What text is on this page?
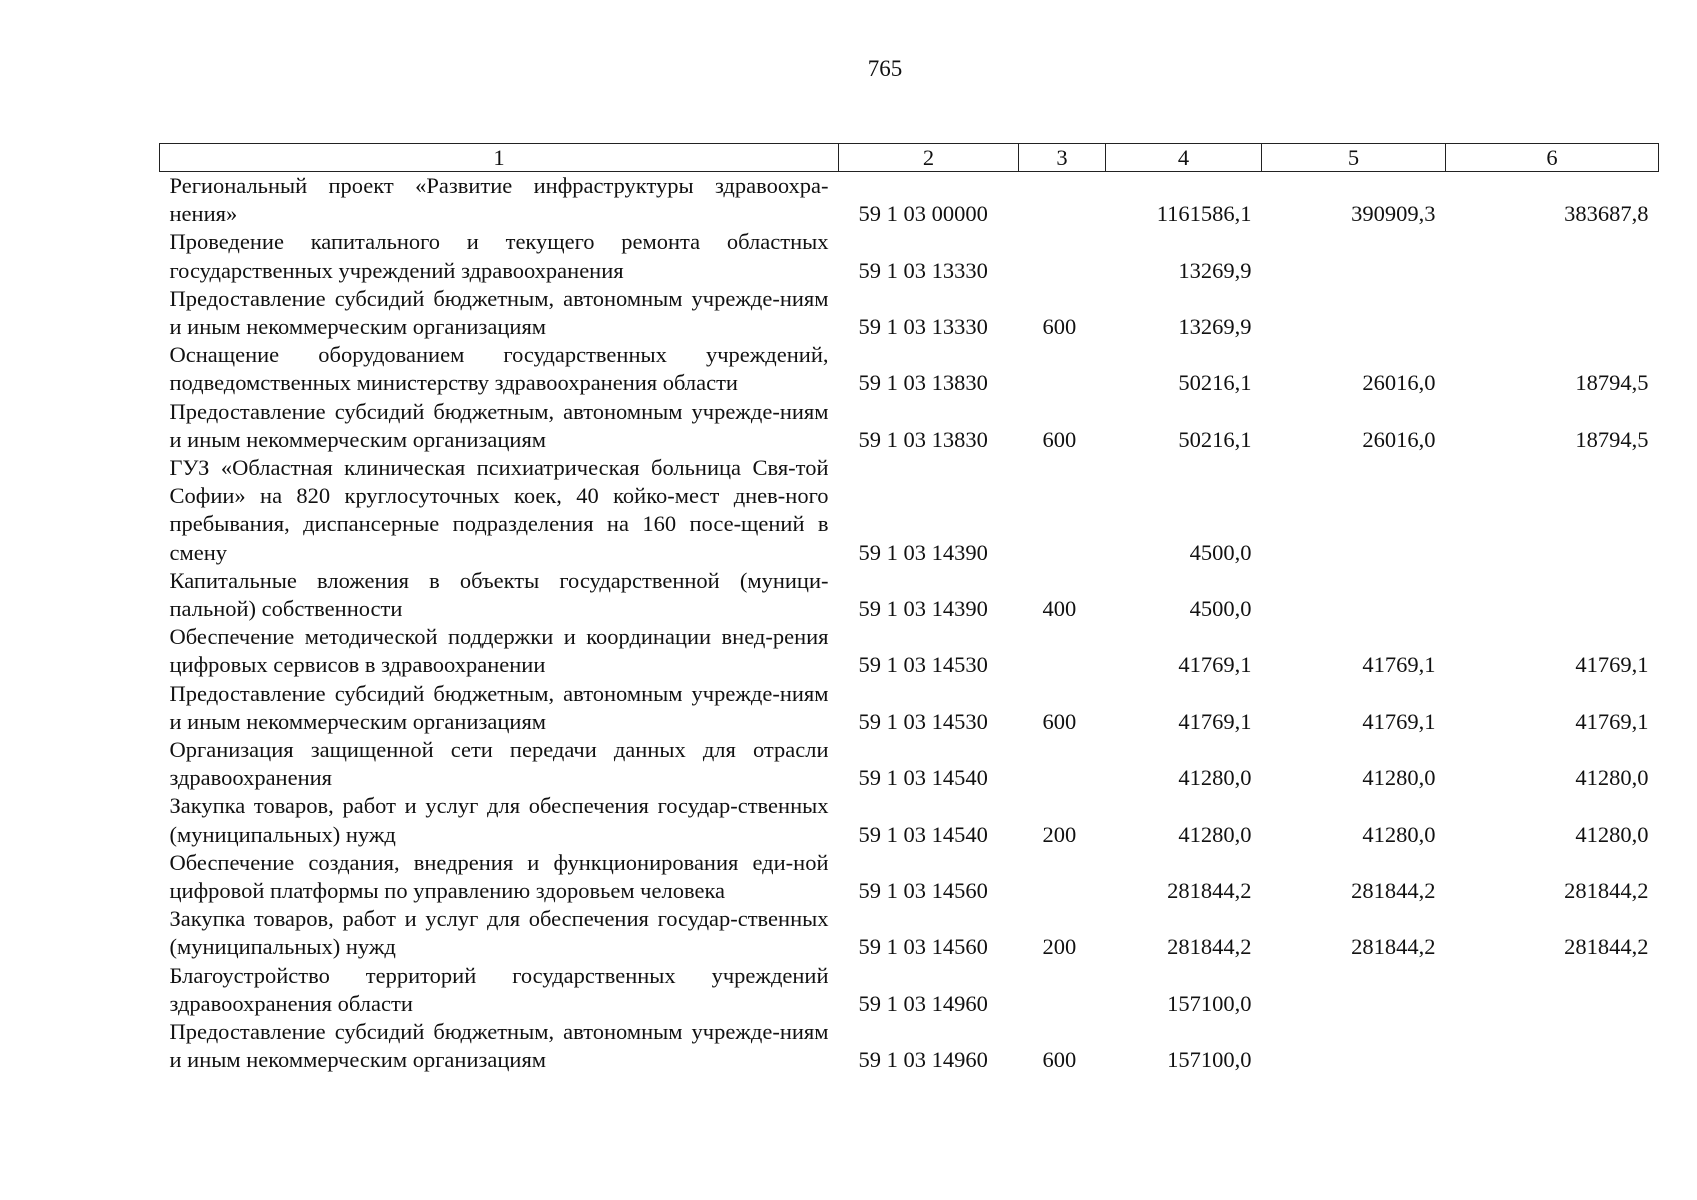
765
1	2	3	4	5	6
Региональный проект «Развитие инфраструктуры здравоохра-нения»	59 1 03 00000		1161586,1	390909,3	383687,8
Проведение капитального и текущего ремонта областных государственных учреждений здравоохранения	59 1 03 13330		13269,9		
Предоставление субсидий бюджетным, автономным учрежде-ниям и иным некоммерческим организациям	59 1 03 13330	600	13269,9		
Оснащение оборудованием государственных учреждений, подведомственных министерству здравоохранения области	59 1 03 13830		50216,1	26016,0	18794,5
Предоставление субсидий бюджетным, автономным учрежде-ниям и иным некоммерческим организациям	59 1 03 13830	600	50216,1	26016,0	18794,5
ГУЗ «Областная клиническая психиатрическая больница Свя-той Софии» на 820 круглосуточных коек, 40 койко-мест днев-ного пребывания, диспансерные подразделения на 160 посе-щений в смену	59 1 03 14390		4500,0		
Капитальные вложения в объекты государственной (муници-пальной) собственности	59 1 03 14390	400	4500,0		
Обеспечение методической поддержки и координации внед-рения цифровых сервисов в здравоохранении	59 1 03 14530		41769,1	41769,1	41769,1
Предоставление субсидий бюджетным, автономным учрежде-ниям и иным некоммерческим организациям	59 1 03 14530	600	41769,1	41769,1	41769,1
Организация защищенной сети передачи данных для отрасли здравоохранения	59 1 03 14540		41280,0	41280,0	41280,0
Закупка товаров, работ и услуг для обеспечения государ-ственных (муниципальных) нужд	59 1 03 14540	200	41280,0	41280,0	41280,0
Обеспечение создания, внедрения и функционирования еди-ной цифровой платформы по управлению здоровьем человека	59 1 03 14560		281844,2	281844,2	281844,2
Закупка товаров, работ и услуг для обеспечения государ-ственных (муниципальных) нужд	59 1 03 14560	200	281844,2	281844,2	281844,2
Благоустройство территорий государственных учреждений здравоохранения области	59 1 03 14960		157100,0		
Предоставление субсидий бюджетным, автономным учрежде-ниям и иным некоммерческим организациям	59 1 03 14960	600	157100,0		
